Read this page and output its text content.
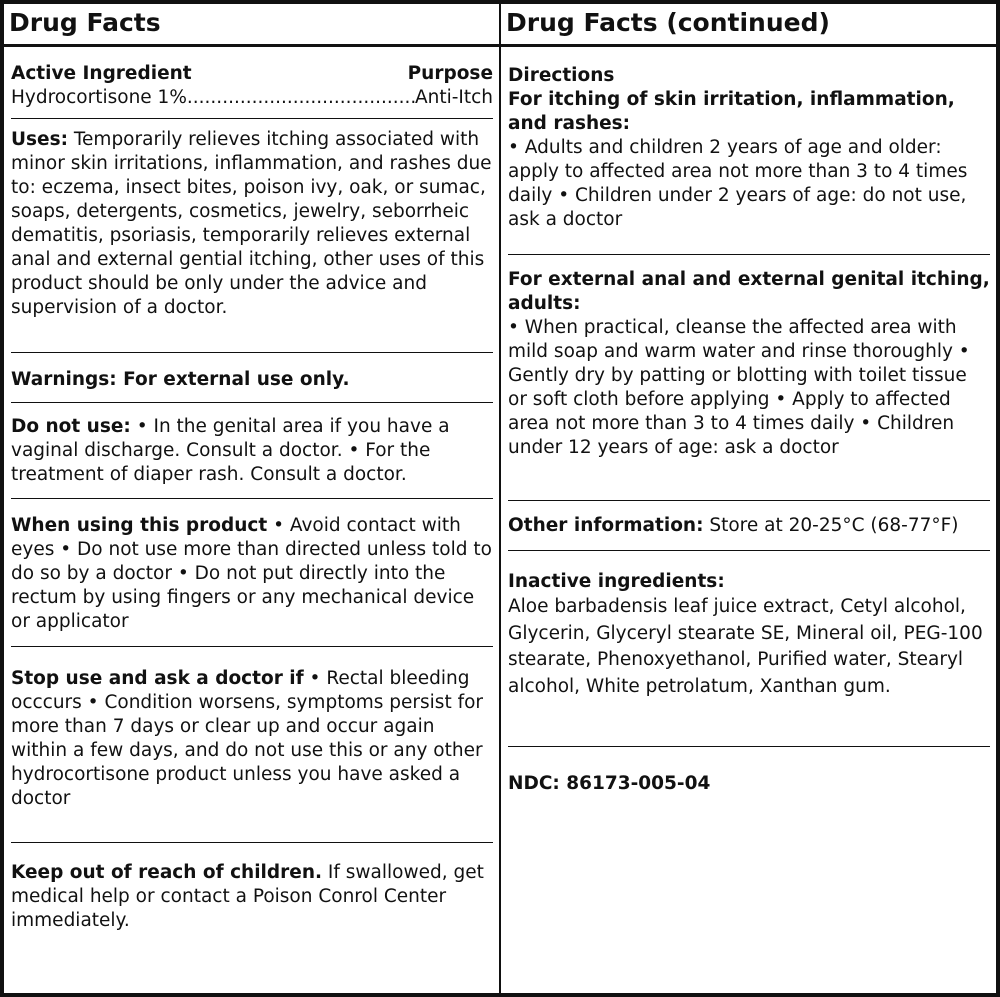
Drug Facts
Active Ingredient	Purpose
Hydrocortisone 1% .....	Anti-Itch
Uses: Temporarily relieves itching associated with minor skin irritations, inflammation, and rashes due to: eczema, insect bites, poison ivy, oak, or sumac, soaps, detergents, cosmetics, jewelry, seborrheic dematitis, psoriasis, temporarily relieves external anal and external gential itching, other uses of this product should be only under the advice and supervision of a doctor.
Warnings: For external use only.
Do not use: • In the genital area if you have a vaginal discharge. Consult a doctor. • For the treatment of diaper rash. Consult a doctor.
When using this product • Avoid contact with eyes • Do not use more than directed unless told to do so by a doctor • Do not put directly into the rectum by using fingers or any mechanical device or applicator
Stop use and ask a doctor if • Rectal bleeding occcurs • Condition worsens, symptoms persist for more than 7 days or clear up and occur again within a few days, and do not use this or any other hydrocortisone product unless you have asked a doctor
Keep out of reach of children. If swallowed, get medical help or contact a Poison Conrol Center immediately.
Drug Facts (continued)
Directions
For itching of skin irritation, inflammation, and rashes:
• Adults and children 2 years of age and older: apply to affected area not more than 3 to 4 times daily • Children under 2 years of age: do not use, ask a doctor
For external anal and external genital itching, adults:
• When practical, cleanse the affected area with mild soap and warm water and rinse thoroughly • Gently dry by patting or blotting with toilet tissue or soft cloth before applying • Apply to affected area not more than 3 to 4 times daily • Children under 12 years of age: ask a doctor
Other information: Store at 20-25°C (68-77°F)
Inactive ingredients:
Aloe barbadensis leaf juice extract, Cetyl alcohol, Glycerin, Glyceryl stearate SE, Mineral oil, PEG-100 stearate, Phenoxyethanol, Purified water, Stearyl alcohol, White petrolatum, Xanthan gum.
NDC: 86173-005-04
